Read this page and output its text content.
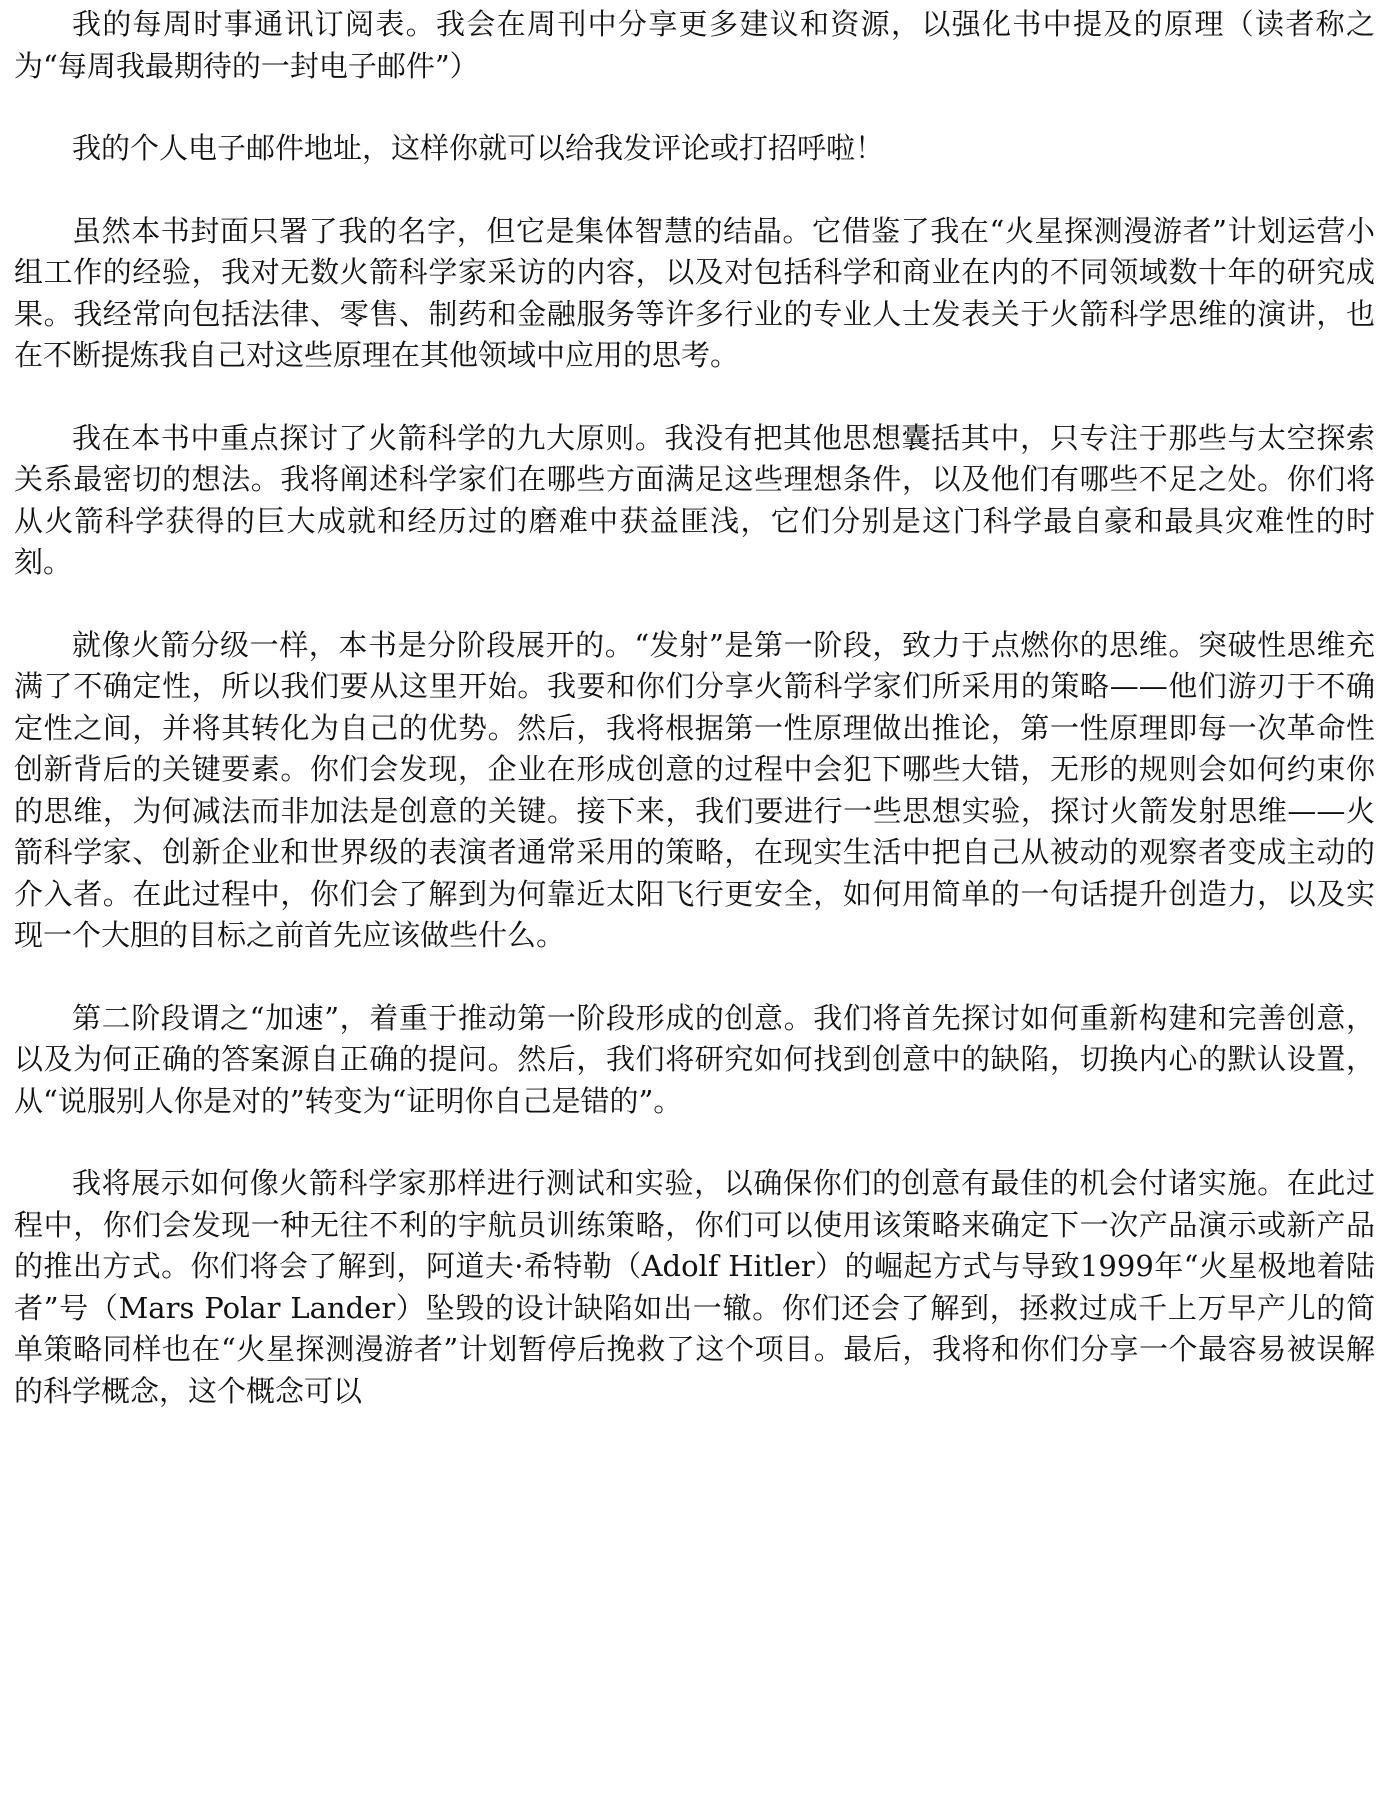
我的每周时事通讯订阅表。我会在周刊中分享更多建议和资源，以强化书中提及的原理（读者称之为“每周我最期待的一封电子邮件”）

我的个人电子邮件地址，这样你就可以给我发评论或打招呼啦！

虽然本书封面只署了我的名字，但它是集体智慧的结晶。它借鉴了我在“火星探测漫游者”计划运营小组工作的经验，我对无数火箭科学家采访的内容，以及对包括科学和商业在内的不同领域数十年的研究成果。我经常向包括法律、零售、制药和金融服务等许多行业的专业人士发表关于火箭科学思维的演讲，也在不断提炼我自己对这些原理在其他领域中应用的思考。

我在本书中重点探讨了火箭科学的九大原则。我没有把其他思想囊括其中，只专注于那些与太空探索关系最密切的想法。我将阐述科学家们在哪些方面满足这些理想条件，以及他们有哪些不足之处。你们将从火箭科学获得的巨大成就和经历过的磨难中获益匪浅，它们分别是这门科学最自豪和最具灾难性的时刻。

就像火箭分级一样，本书是分阶段展开的。“发射”是第一阶段，致力于点燃你的思维。突破性思维充满了不确定性，所以我们要从这里开始。我要和你们分享火箭科学家们所采用的策略——他们游刃于不确定性之间，并将其转化为自己的优势。然后，我将根据第一性原理做出推论，第一性原理即每一次革命性创新背后的关键要素。你们会发现，企业在形成创意的过程中会犯下哪些大错，无形的规则会如何约束你的思维，为何减法而非加法是创意的关键。接下来，我们要进行一些思想实验，探讨火箭发射思维——火箭科学家、创新企业和世界级的表演者通常采用的策略，在现实生活中把自己从被动的观察者变成主动的介入者。在此过程中，你们会了解到为何靠近太阳飞行更安全，如何用简单的一句话提升创造力，以及实现一个大胆的目标之前首先应该做些什么。

第二阶段谓之“加速”，着重于推动第一阶段形成的创意。我们将首先探讨如何重新构建和完善创意，以及为何正确的答案源自正确的提问。然后，我们将研究如何找到创意中的缺陷，切换内心的默认设置，从“说服别人你是对的”转变为“证明你自己是错的”。

我将展示如何像火箭科学家那样进行测试和实验，以确保你们的创意有最佳的机会付诸实施。在此过程中，你们会发现一种无往不利的宇航员训练策略，你们可以使用该策略来确定下一次产品演示或新产品的推出方式。你们将会了解到，阿道夫·希特勒（Adolf Hitler）的崛起方式与导致1999年“火星极地着陆者”号（Mars Polar Lander）坠毁的设计缺陷如出一辙。你们还会了解到，拯救过成千上万早产儿的简单策略同样也在“火星探测漫游者”计划暂停后挽救了这个项目。最后，我将和你们分享一个最容易被误解的科学概念，这个概念可以
